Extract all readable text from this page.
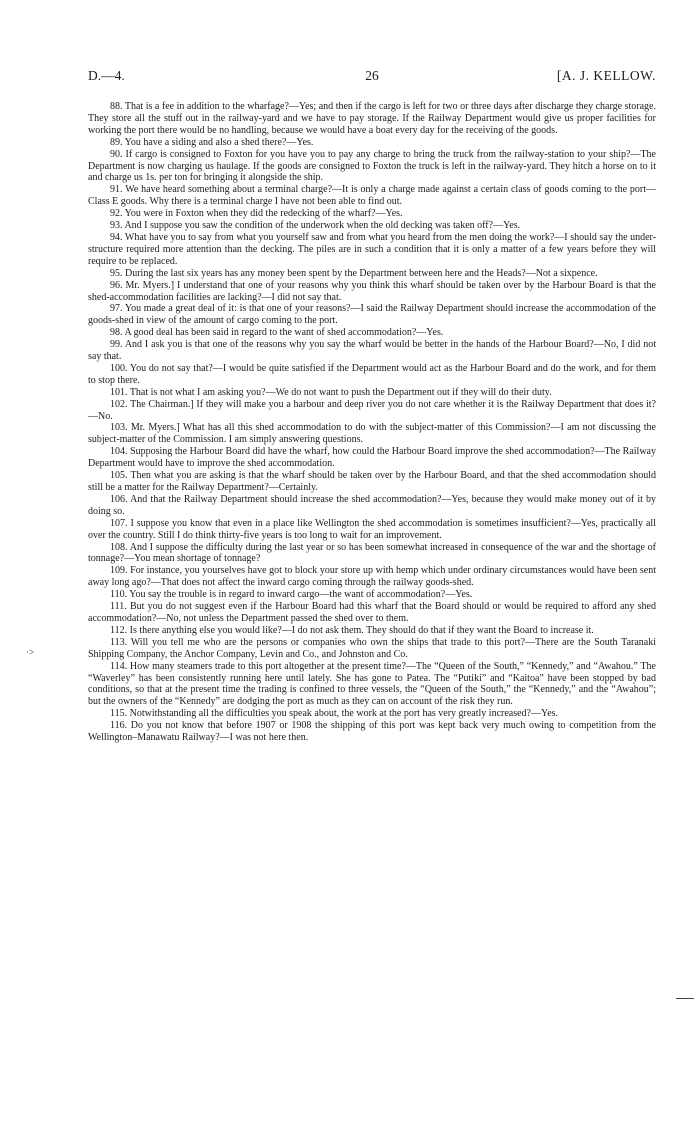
D.—4.	26	[A. J. KELLOW.

88. That is a fee in addition to the wharfage?—Yes; and then if the cargo is left for two or three days after discharge they charge storage. They store all the stuff out in the railway-yard and we have to pay storage. If the Railway Department would give us proper facilities for working the port there would be no handling, because we would have a boat every day for the receiving of the goods.

89. You have a siding and also a shed there?—Yes.

90. If cargo is consigned to Foxton for you have you to pay any charge to bring the truck from the railway-station to your ship?—The Department is now charging us haulage. If the goods are consigned to Foxton the truck is left in the railway-yard. They hitch a horse on to it and charge us 1s. per ton for bringing it alongside the ship.

91. We have heard something about a terminal charge?—It is only a charge made against a certain class of goods coming to the port—Class E goods. Why there is a terminal charge I have not been able to find out.

92. You were in Foxton when they did the redecking of the wharf?—Yes.

93. And I suppose you saw the condition of the underwork when the old decking was taken off?—Yes.

94. What have you to say from what you yourself saw and from what you heard from the men doing the work?—I should say the under-structure required more attention than the decking. The piles are in such a condition that it is only a matter of a few years before they will require to be replaced.

95. During the last six years has any money been spent by the Department between here and the Heads?—Not a sixpence.

96. Mr. Myers.] I understand that one of your reasons why you think this wharf should be taken over by the Harbour Board is that the shed-accommodation facilities are lacking?—I did not say that.

97. You made a great deal of it: is that one of your reasons?—I said the Railway Department should increase the accommodation of the goods-shed in view of the amount of cargo coming to the port.

98. A good deal has been said in regard to the want of shed accommodation?—Yes.

99. And I ask you is that one of the reasons why you say the wharf would be better in the hands of the Harbour Board?—No, I did not say that.

100. You do not say that?—I would be quite satisfied if the Department would act as the Harbour Board and do the work, and for them to stop there.

101. That is not what I am asking you?—We do not want to push the Department out if they will do their duty.

102. The Chairman.] If they will make you a harbour and deep river you do not care whether it is the Railway Department that does it?—No.

103. Mr. Myers.] What has all this shed accommodation to do with the subject-matter of this Commission?—I am not discussing the subject-matter of the Commission. I am simply answering questions.

104. Supposing the Harbour Board did have the wharf, how could the Harbour Board improve the shed accommodation?—The Railway Department would have to improve the shed accommodation.

105. Then what you are asking is that the wharf should be taken over by the Harbour Board, and that the shed accommodation should still be a matter for the Railway Department?—Certainly.

106. And that the Railway Department should increase the shed accommodation?—Yes, because they would make money out of it by doing so.

107. I suppose you know that even in a place like Wellington the shed accommodation is sometimes insufficient?—Yes, practically all over the country. Still I do think thirty-five years is too long to wait for an improvement.

108. And I suppose the difficulty during the last year or so has been somewhat increased in consequence of the war and the shortage of tonnage?—You mean shortage of tonnage?

109. For instance, you yourselves have got to block your store up with hemp which under ordinary circumstances would have been sent away long ago?—That does not affect the inward cargo coming through the railway goods-shed.

110. You say the trouble is in regard to inward cargo—the want of accommodation?—Yes.

111. But you do not suggest even if the Harbour Board had this wharf that the Board should or would be required to afford any shed accommodation?—No, not unless the Department passed the shed over to them.

112. Is there anything else you would like?—I do not ask them. They should do that if they want the Board to increase it.

113. Will you tell me who are the persons or companies who own the ships that trade to this port?—There are the South Taranaki Shipping Company, the Anchor Company, Levin and Co., and Johnston and Co.

114. How many steamers trade to this port altogether at the present time?—The “Queen of the South,” “Kennedy,” and “Awahou.” The “Waverley” has been consistently running here until lately. She has gone to Patea. The “Putiki” and “Kaitoa” have been stopped by bad conditions, so that at the present time the trading is confined to three vessels, the “Queen of the South,” the “Kennedy,” and the “Awahou”; but the owners of the “Kennedy” are dodging the port as much as they can on account of the risk they run.

115. Notwithstanding all the difficulties you speak about, the work at the port has very greatly increased?—Yes.

116. Do you not know that before 1907 or 1908 the shipping of this port was kept back very much owing to competition from the Wellington–Manawatu Railway?—I was not here then.

·>
